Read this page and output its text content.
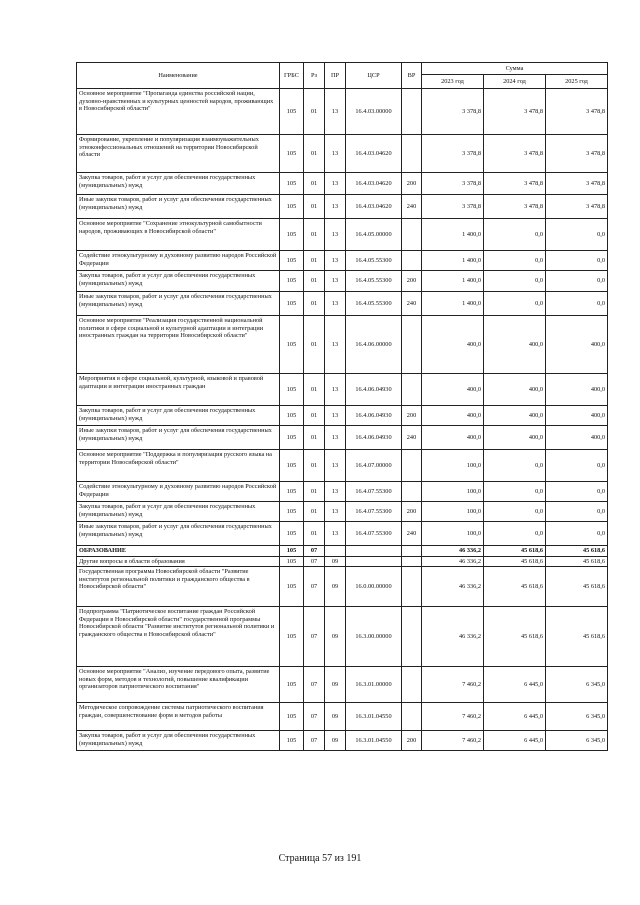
Наименование	ГРБС	Рз	ПР	ЦСР	ВР	Сумма		
						2023 год	2024 год	2025 год
Основное мероприятие "Пропаганда единства российской нации, духовно-нравственных и культурных ценностей народов, проживающих в Новосибирской области"	105	01	13	16.4.03.00000		3 378,8	3 478,8	3 478,8
Формирование, укрепление и популяризация взаимоуважительных этноконфессиональных отношений на территории Новосибирской области	105	01	13	16.4.03.04620		3 378,8	3 478,8	3 478,8
Закупка товаров, работ и услуг для обеспечения государственных (муниципальных) нужд	105	01	13	16.4.03.04620	200	3 378,8	3 478,8	3 478,8
Иные закупки товаров, работ и услуг для обеспечения государственных (муниципальных) нужд	105	01	13	16.4.03.04620	240	3 378,8	3 478,8	3 478,8
Основное мероприятие "Сохранение этнокультурной самобытности народов, проживающих в Новосибирской области"	105	01	13	16.4.05.00000		1 400,0	0,0	0,0
Содействие этнокультурному и духовному развитию народов Российской Федерации	105	01	13	16.4.05.55300		1 400,0	0,0	0,0
Закупка товаров, работ и услуг для обеспечения государственных (муниципальных) нужд	105	01	13	16.4.05.55300	200	1 400,0	0,0	0,0
Иные закупки товаров, работ и услуг для обеспечения государственных (муниципальных) нужд	105	01	13	16.4.05.55300	240	1 400,0	0,0	0,0
Основное мероприятие "Реализация государственной национальной политики в сфере социальной и культурной адаптации и интеграции иностранных граждан на территории Новосибирской области"	105	01	13	16.4.06.00000		400,0	400,0	400,0
Мероприятия в сфере социальной, культурной, языковой и правовой адаптации и интеграции иностранных граждан	105	01	13	16.4.06.04930		400,0	400,0	400,0
Закупка товаров, работ и услуг для обеспечения государственных (муниципальных) нужд	105	01	13	16.4.06.04930	200	400,0	400,0	400,0
Иные закупки товаров, работ и услуг для обеспечения государственных (муниципальных) нужд	105	01	13	16.4.06.04930	240	400,0	400,0	400,0
Основное мероприятие "Поддержка и популяризация русского языка на территории Новосибирской области"	105	01	13	16.4.07.00000		100,0	0,0	0,0
Содействие этнокультурному и духовному развитию народов Российской Федерации	105	01	13	16.4.07.55300		100,0	0,0	0,0
Закупка товаров, работ и услуг для обеспечения государственных (муниципальных) нужд	105	01	13	16.4.07.55300	200	100,0	0,0	0,0
Иные закупки товаров, работ и услуг для обеспечения государственных (муниципальных) нужд	105	01	13	16.4.07.55300	240	100,0	0,0	0,0
ОБРАЗОВАНИЕ	105	07				46 336,2	45 618,6	45 618,6
Другие вопросы в области образования	105	07	09			46 336,2	45 618,6	45 618,6
Государственная программа Новосибирской области "Развитие институтов региональной политики и гражданского общества в Новосибирской области"	105	07	09	16.0.00.00000		46 336,2	45 618,6	45 618,6
Подпрограмма "Патриотическое воспитание граждан Российской Федерации в Новосибирской области" государственной программы Новосибирской области "Развитие институтов региональной политики и гражданского общества в Новосибирской области"	105	07	09	16.3.00.00000		46 336,2	45 618,6	45 618,6
Основное мероприятие "Анализ, изучение передового опыта, развитие новых форм, методов и технологий, повышение квалификации организаторов патриотического воспитания"	105	07	09	16.3.01.00000		7 460,2	6 445,0	6 345,0
Методическое сопровождение системы патриотического воспитания граждан, совершенствование форм и методов работы	105	07	09	16.3.01.04550		7 460,2	6 445,0	6 345,0
Закупка товаров, работ и услуг для обеспечения государственных (муниципальных) нужд	105	07	09	16.3.01.04550	200	7 460,2	6 445,0	6 345,0
Страница 57 из 191
